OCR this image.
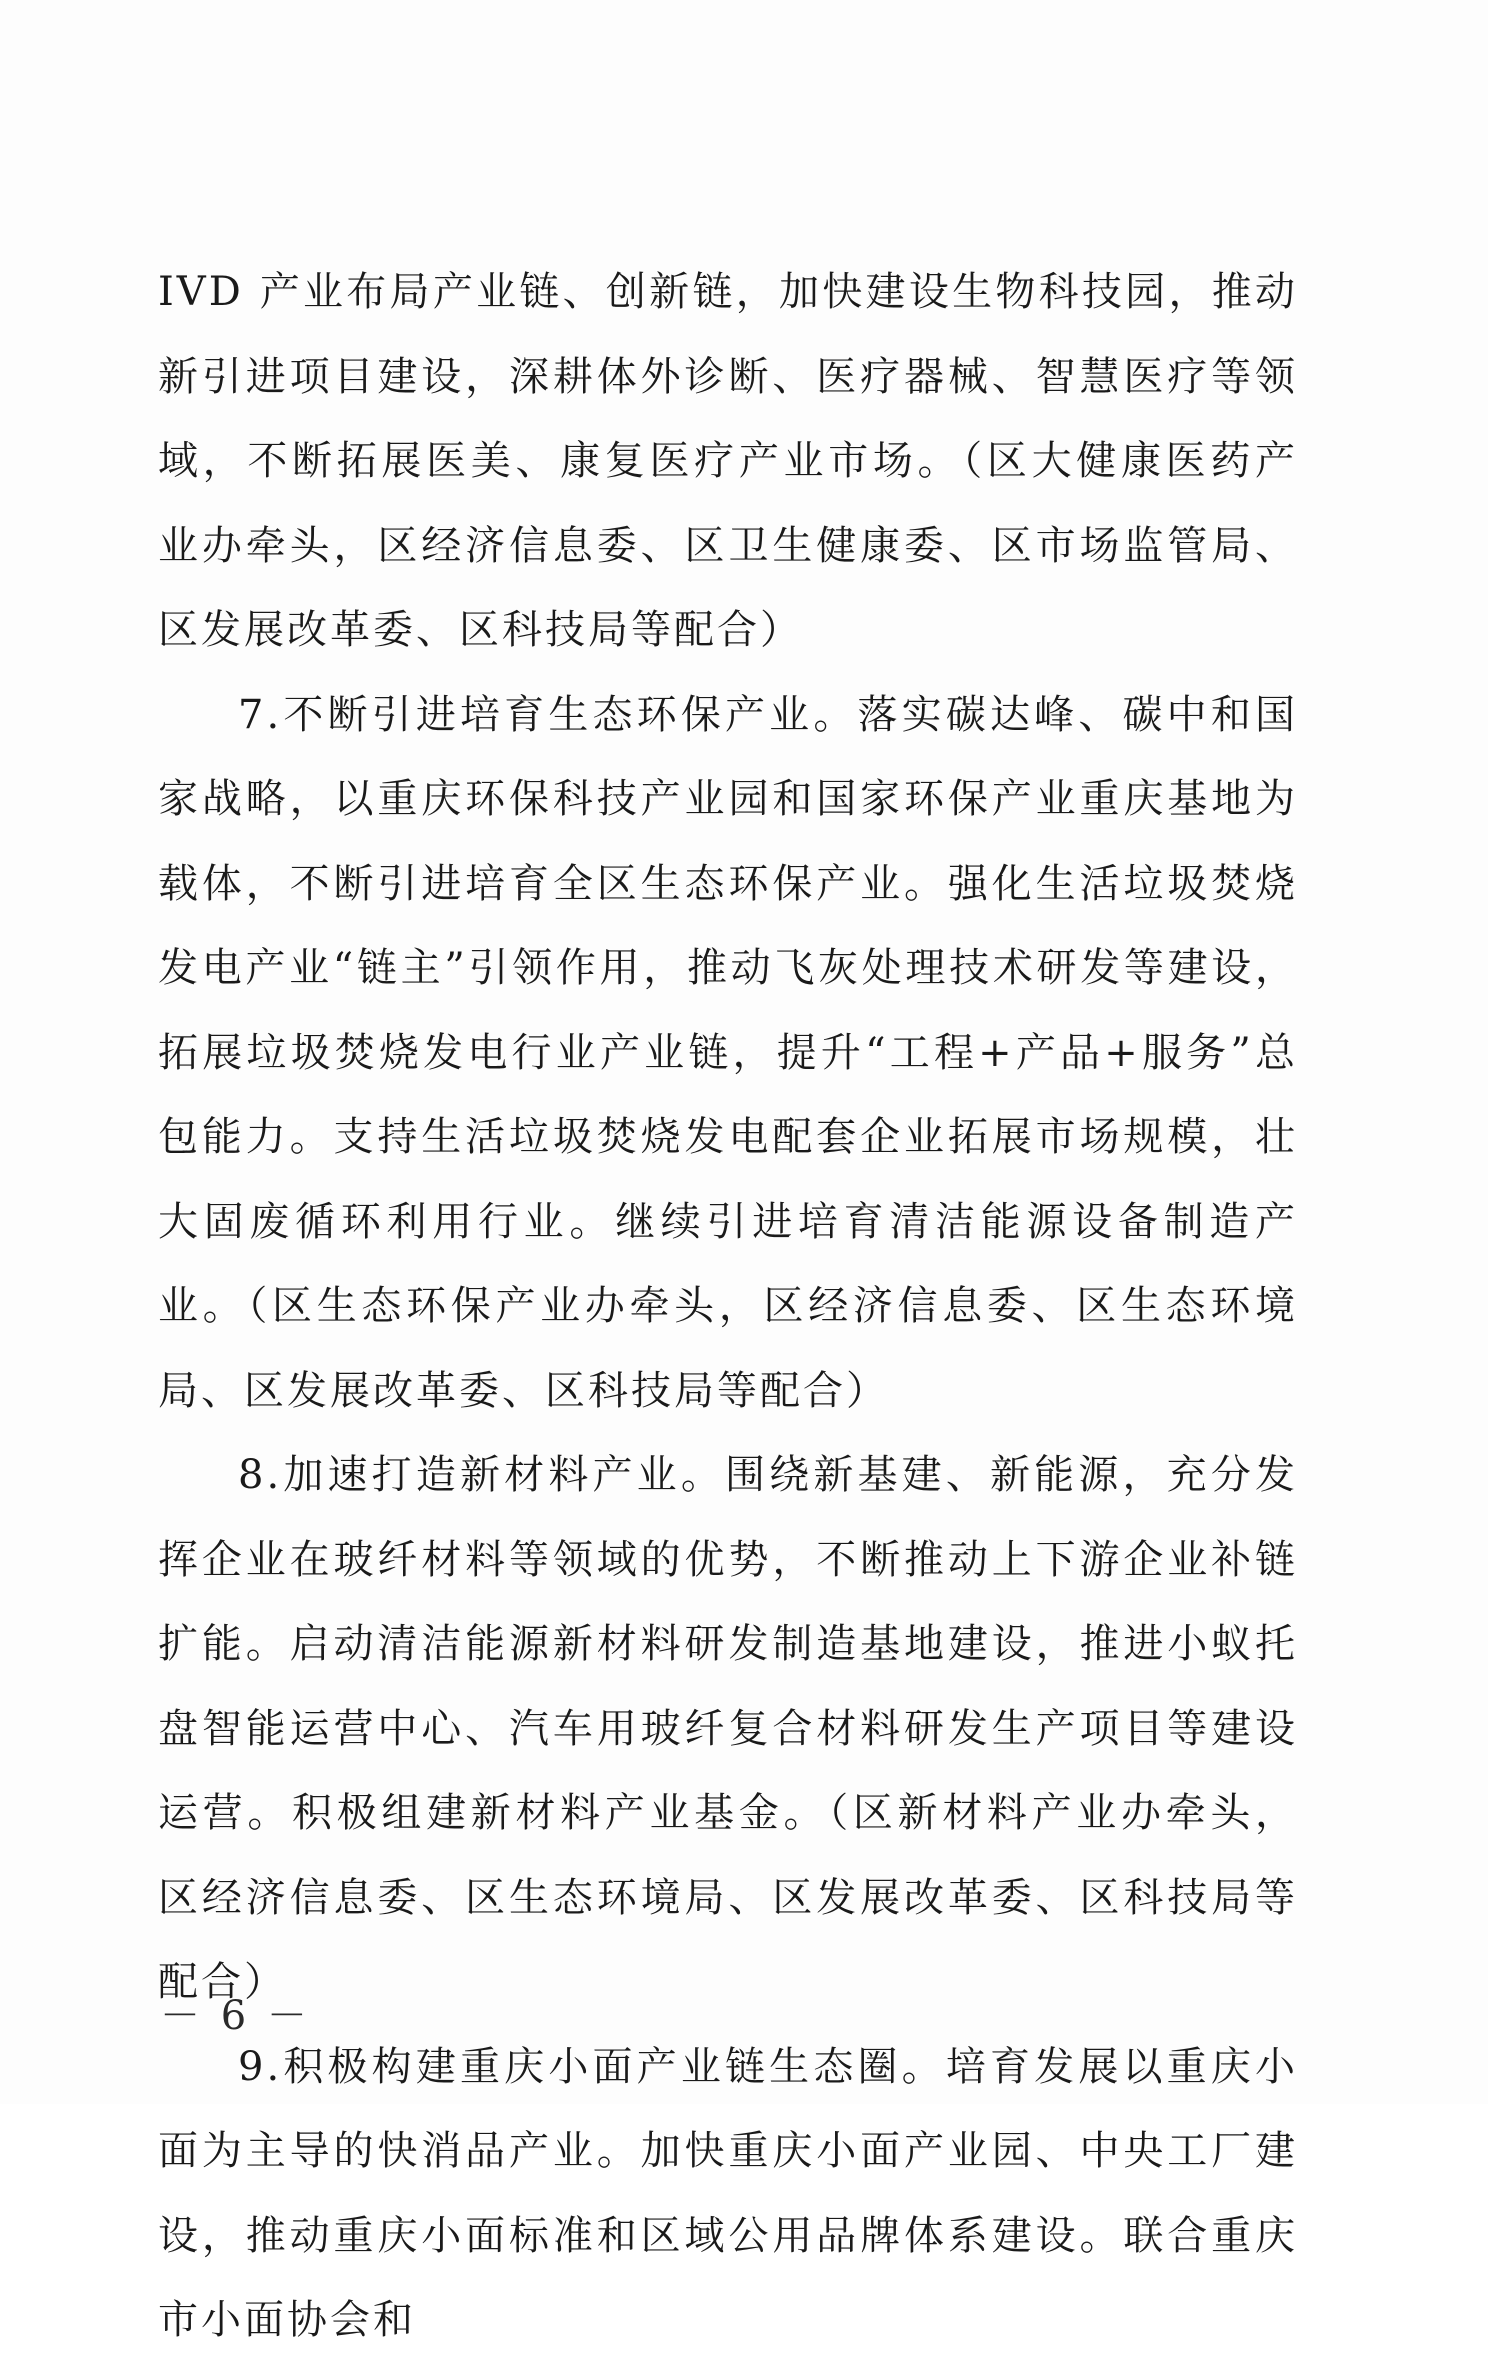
IVD 产业布局产业链、创新链，加快建设生物科技园，推动新引进项目建设，深耕体外诊断、医疗器械、智慧医疗等领域，不断拓展医美、康复医疗产业市场。（区大健康医药产业办牵头，区经济信息委、区卫生健康委、区市场监管局、区发展改革委、区科技局等配合）

7.不断引进培育生态环保产业。落实碳达峰、碳中和国家战略，以重庆环保科技产业园和国家环保产业重庆基地为载体，不断引进培育全区生态环保产业。强化生活垃圾焚烧发电产业“链主”引领作用，推动飞灰处理技术研发等建设，拓展垃圾焚烧发电行业产业链，提升“工程+产品+服务”总包能力。支持生活垃圾焚烧发电配套企业拓展市场规模，壮大固废循环利用行业。继续引进培育清洁能源设备制造产业。（区生态环保产业办牵头，区经济信息委、区生态环境局、区发展改革委、区科技局等配合）

8.加速打造新材料产业。围绕新基建、新能源，充分发挥企业在玻纤材料等领域的优势，不断推动上下游企业补链扩能。启动清洁能源新材料研发制造基地建设，推进小蚁托盘智能运营中心、汽车用玻纤复合材料研发生产项目等建设运营。积极组建新材料产业基金。（区新材料产业办牵头，区经济信息委、区生态环境局、区发展改革委、区科技局等配合）

9.积极构建重庆小面产业链生态圈。培育发展以重庆小面为主导的快消品产业。加快重庆小面产业园、中央工厂建设，推动重庆小面标准和区域公用品牌体系建设。联合重庆市小面协会和

－ 6 －
